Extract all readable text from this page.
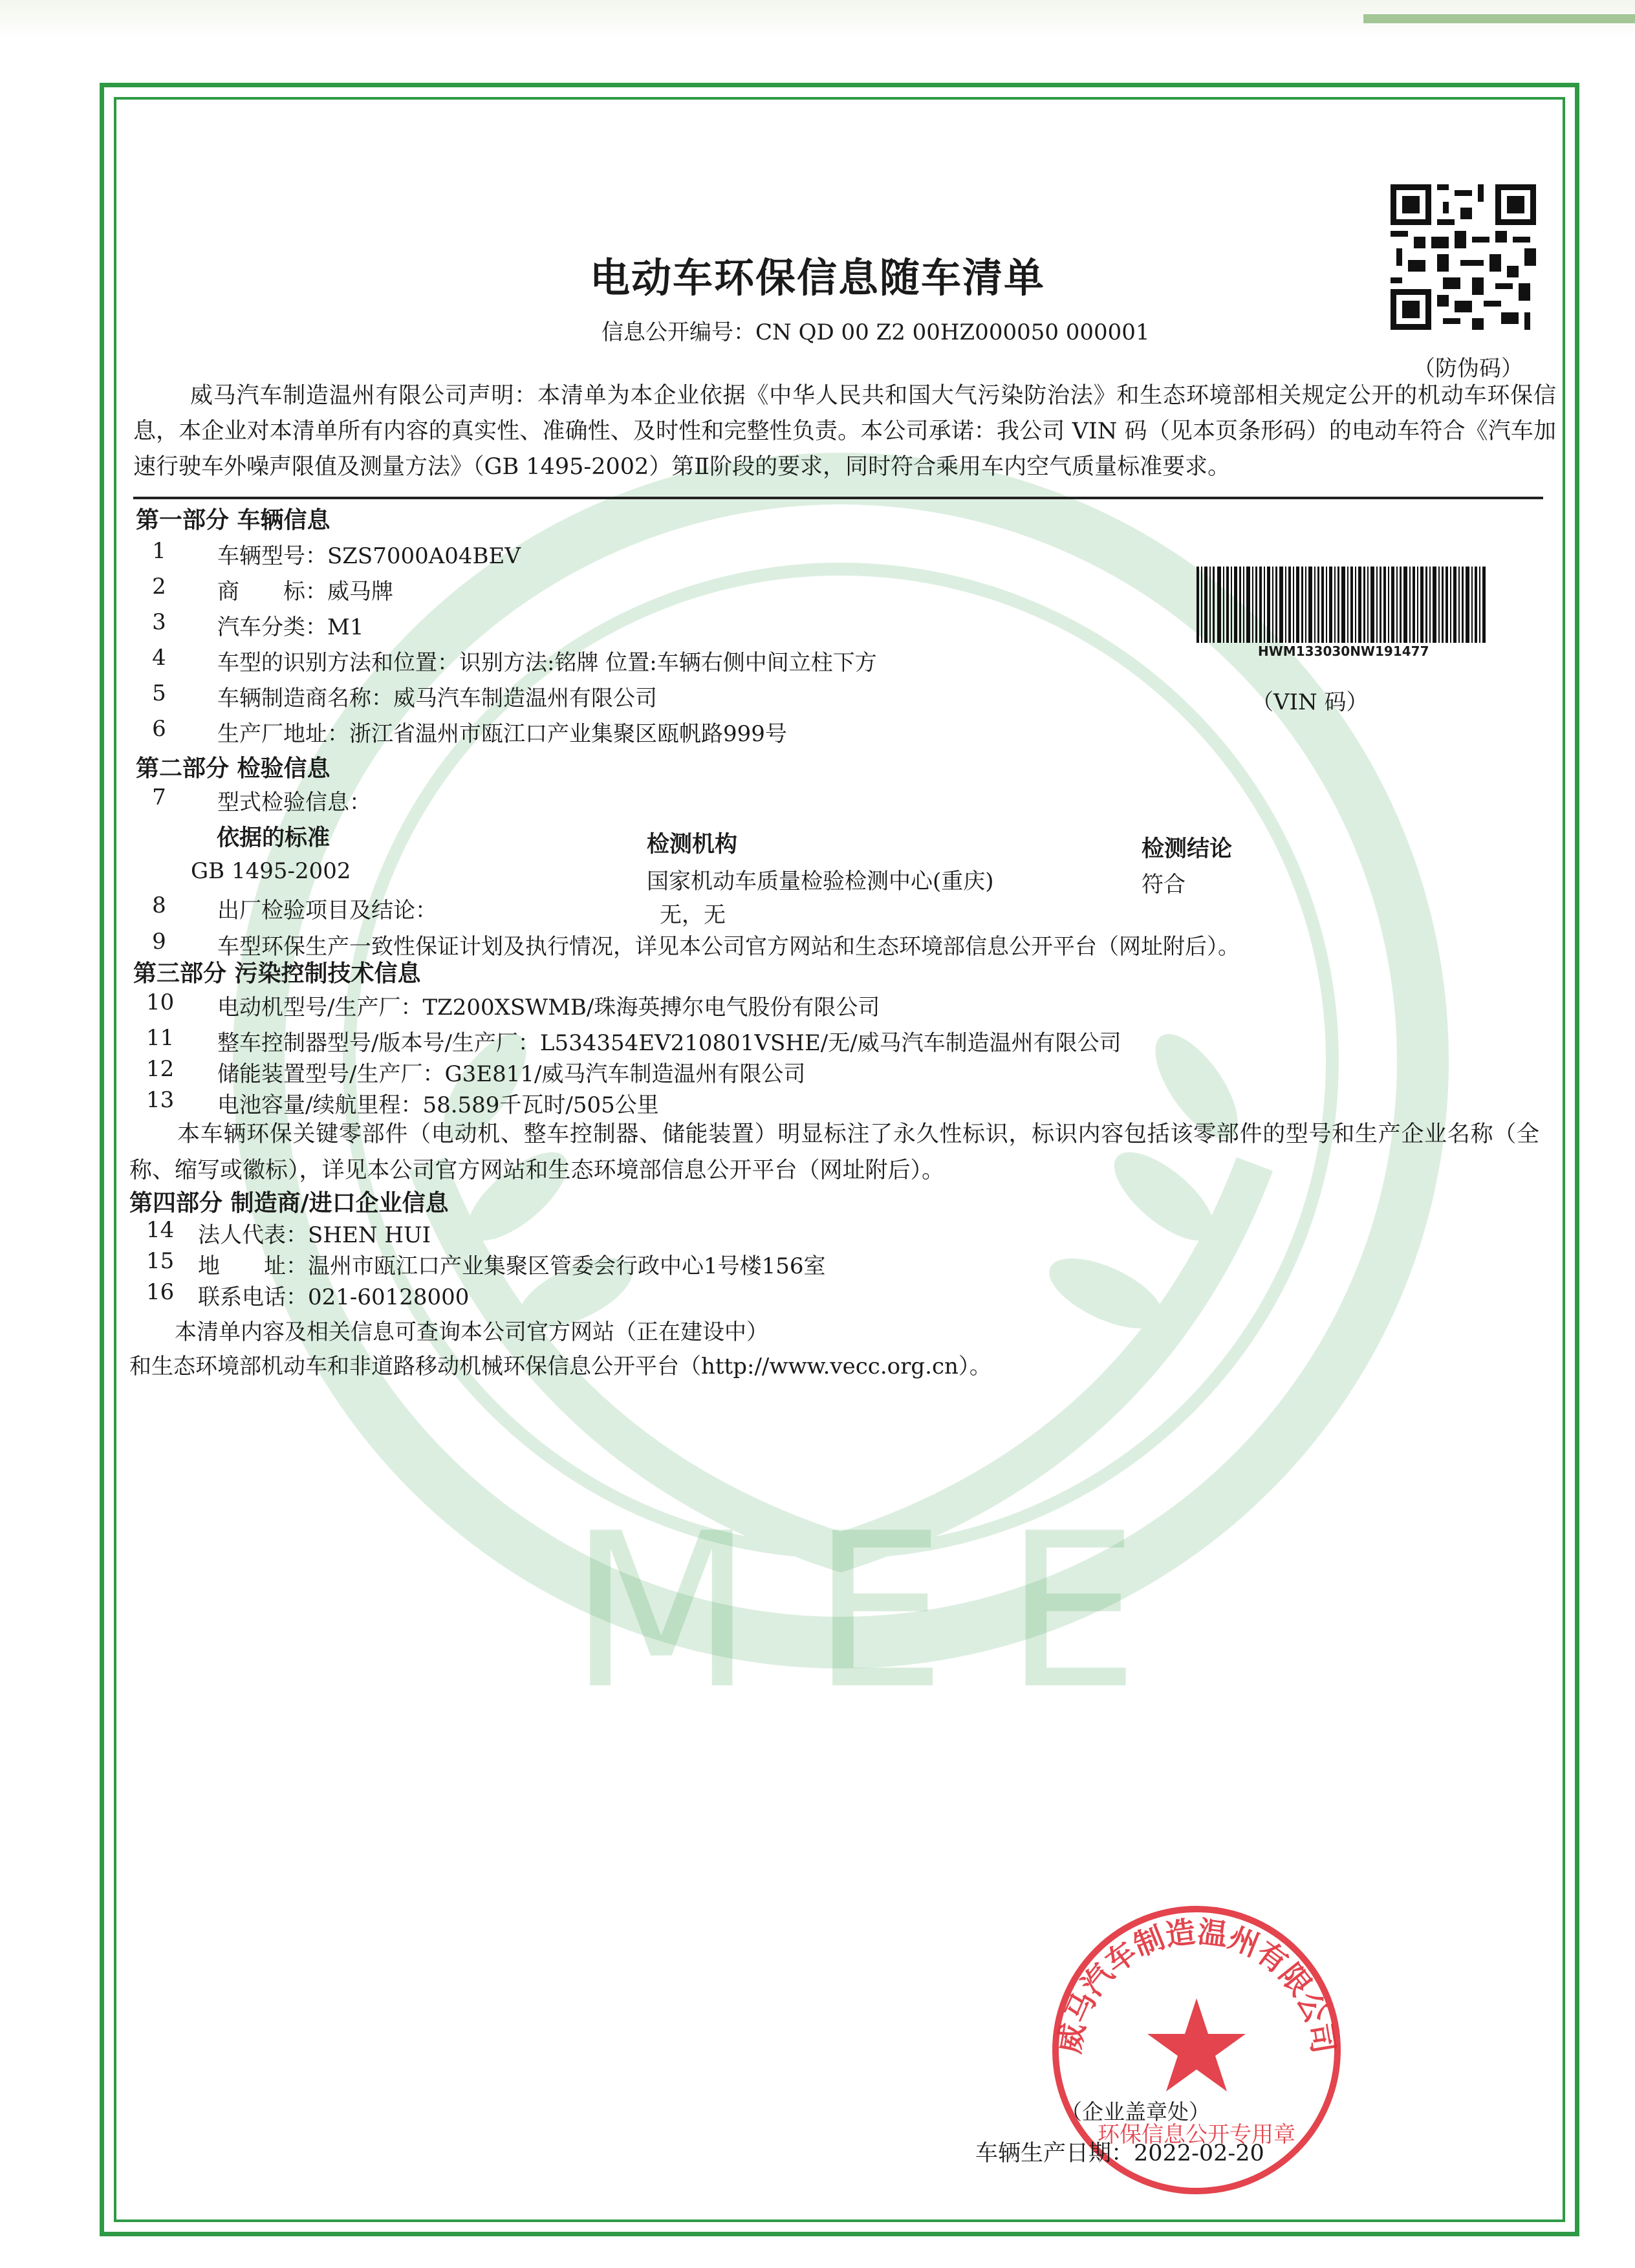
MEE
（防伪码）
电动车环保信息随车清单
信息公开编号：CN QD 00 Z2 00HZ000050 000001
威马汽车制造温州有限公司声明：本清单为本企业依据《中华人民共和国大气污染防治法》和生态环境部相关规定公开的机动车环保信息，本企业对本清单所有内容的真实性、准确性、及时性和完整性负责。本公司承诺：我公司 VIN 码（见本页条形码）的电动车符合《汽车加速行驶车外噪声限值及测量方法》（GB 1495-2002）第Ⅱ阶段的要求，同时符合乘用车内空气质量标准要求。
第一部分 车辆信息
1 车辆型号：SZS7000A04BEV
2 商　　标：威马牌
3 汽车分类：M1
4 车型的识别方法和位置：识别方法:铭牌 位置:车辆右侧中间立柱下方
5 车辆制造商名称：威马汽车制造温州有限公司
6 生产厂地址：浙江省温州市瓯江口产业集聚区瓯帆路999号
HWM133030NW191477
（VIN 码）
第二部分 检验信息
7 型式检验信息：
依据的标准	检测机构	检测结论
GB 1495-2002	国家机动车质量检验检测中心(重庆)	符合
8 出厂检验项目及结论：	无，无
9 车型环保生产一致性保证计划及执行情况，详见本公司官方网站和生态环境部信息公开平台（网址附后）。
第三部分 污染控制技术信息
10 电动机型号/生产厂：TZ200XSWMB/珠海英搏尔电气股份有限公司
11 整车控制器型号/版本号/生产厂：L534354EV210801VSHE/无/威马汽车制造温州有限公司
12 储能装置型号/生产厂：G3E811/威马汽车制造温州有限公司
13 电池容量/续航里程：58.589千瓦时/505公里
本车辆环保关键零部件（电动机、整车控制器、储能装置）明显标注了永久性标识，标识内容包括该零部件的型号和生产企业名称（全称、缩写或徽标），详见本公司官方网站和生态环境部信息公开平台（网址附后）。
第四部分 制造商/进口企业信息
14 法人代表：SHEN HUI
15 地　　址：温州市瓯江口产业集聚区管委会行政中心1号楼156室
16 联系电话：021-60128000
本清单内容及相关信息可查询本公司官方网站（正在建设中）
和生态环境部机动车和非道路移动机械环保信息公开平台（http://www.vecc.org.cn）。
威马汽车制造温州有限公司
环保信息公开专用章
（企业盖章处）
车辆生产日期：2022-02-20
